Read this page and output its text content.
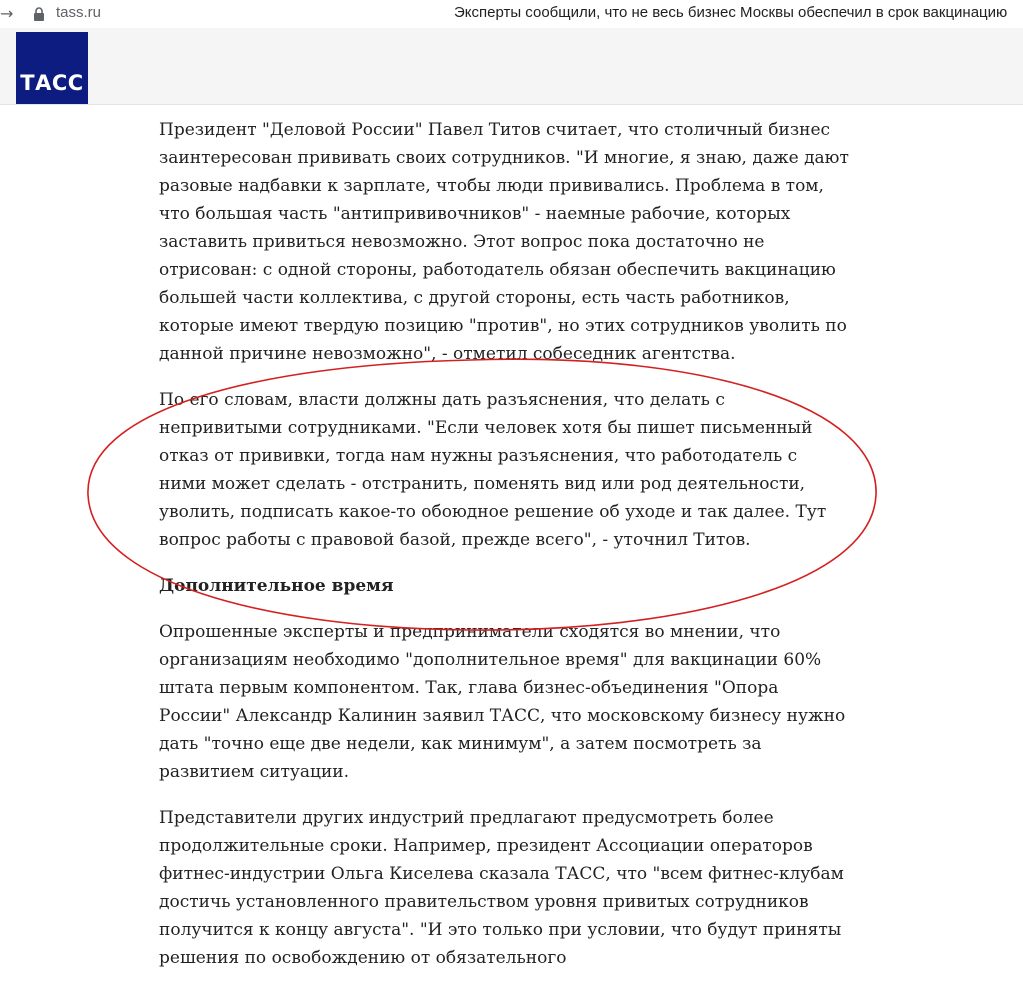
→	tass.ru	Эксперты сообщили, что не весь бизнес Москвы обеспечил в срок вакцинацию
ТАСС

Президент "Деловой России" Павел Титов считает, что столичный бизнес заинтересован прививать своих сотрудников. "И многие, я знаю, даже дают разовые надбавки к зарплате, чтобы люди прививались. Проблема в том, что большая часть "антипрививочников" - наемные рабочие, которых заставить привиться невозможно. Этот вопрос пока достаточно не отрисован: с одной стороны, работодатель обязан обеспечить вакцинацию большей части коллектива, с другой стороны, есть часть работников, которые имеют твердую позицию "против", но этих сотрудников уволить по данной причине невозможно", - отметил собеседник агентства.

По его словам, власти должны дать разъяснения, что делать с непривитыми сотрудниками. "Если человек хотя бы пишет письменный отказ от прививки, тогда нам нужны разъяснения, что работодатель с ними может сделать - отстранить, поменять вид или род деятельности, уволить, подписать какое-то обоюдное решение об уходе и так далее. Тут вопрос работы с правовой базой, прежде всего", - уточнил Титов.

Дополнительное время

Опрошенные эксперты и предприниматели сходятся во мнении, что организациям необходимо "дополнительное время" для вакцинации 60% штата первым компонентом. Так, глава бизнес-объединения "Опора России" Александр Калинин заявил ТАСС, что московскому бизнесу нужно дать "точно еще две недели, как минимум", а затем посмотреть за развитием ситуации.

Представители других индустрий предлагают предусмотреть более продолжительные сроки. Например, президент Ассоциации операторов фитнес-индустрии Ольга Киселева сказала ТАСС, что "всем фитнес-клубам достичь установленного правительством уровня привитых сотрудников получится к концу августа". "И это только при условии, что будут приняты решения по освобождению от обязательного
